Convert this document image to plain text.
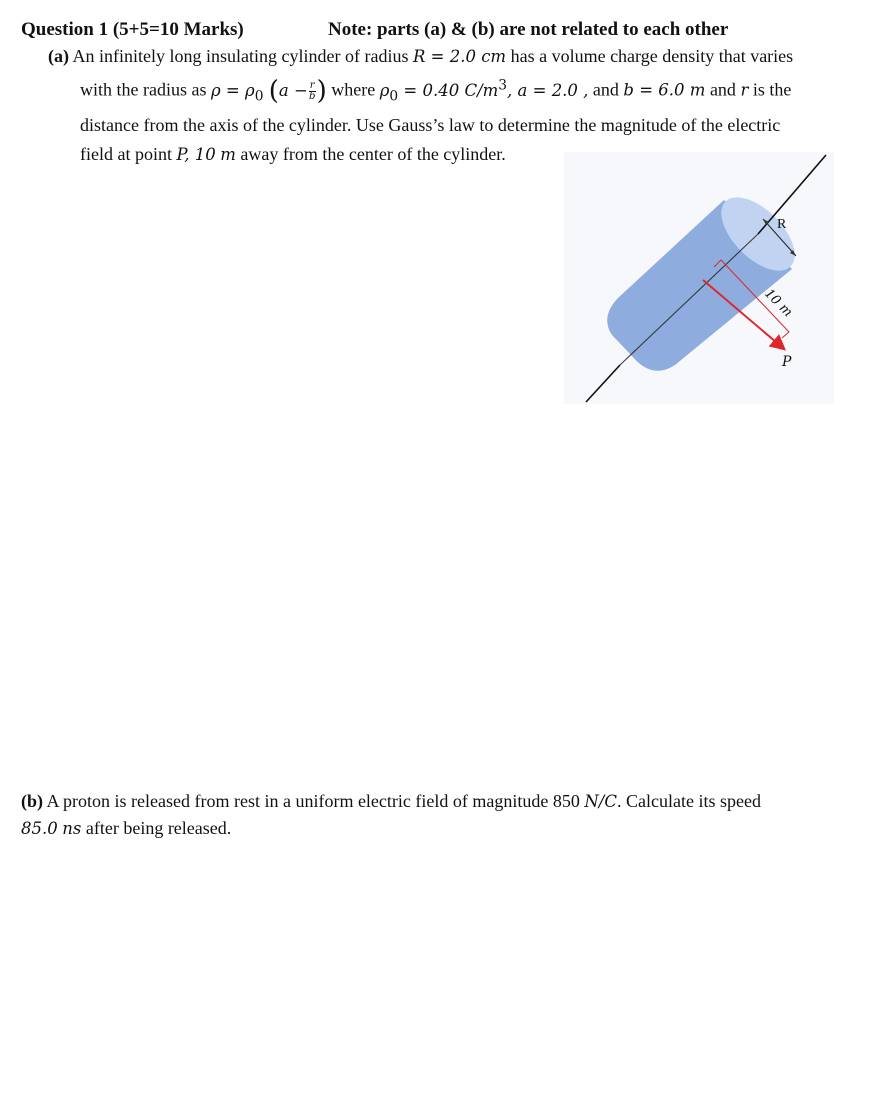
Question 1 (5+5=10 Marks)	Note: parts (a) & (b) are not related to each other
(a) An infinitely long insulating cylinder of radius R = 2.0 cm has a volume charge density that varies
with the radius as $\rho = \rho_0$ ($a - \frac{r}{b}$ ) where $\rho_0 = 0.40$ $C/m^3$, a = 2.0 , and b = 6.0 m and r is the
distance from the axis of the cylinder. Use Gauss’s law to determine the magnitude of the electric
field at point P, 10 m away from the center of the cylinder.
R
10 m
P
(b) A proton is released from rest in a uniform electric field of magnitude 850 N/C. Calculate its speed
85.0 ns after being released.
